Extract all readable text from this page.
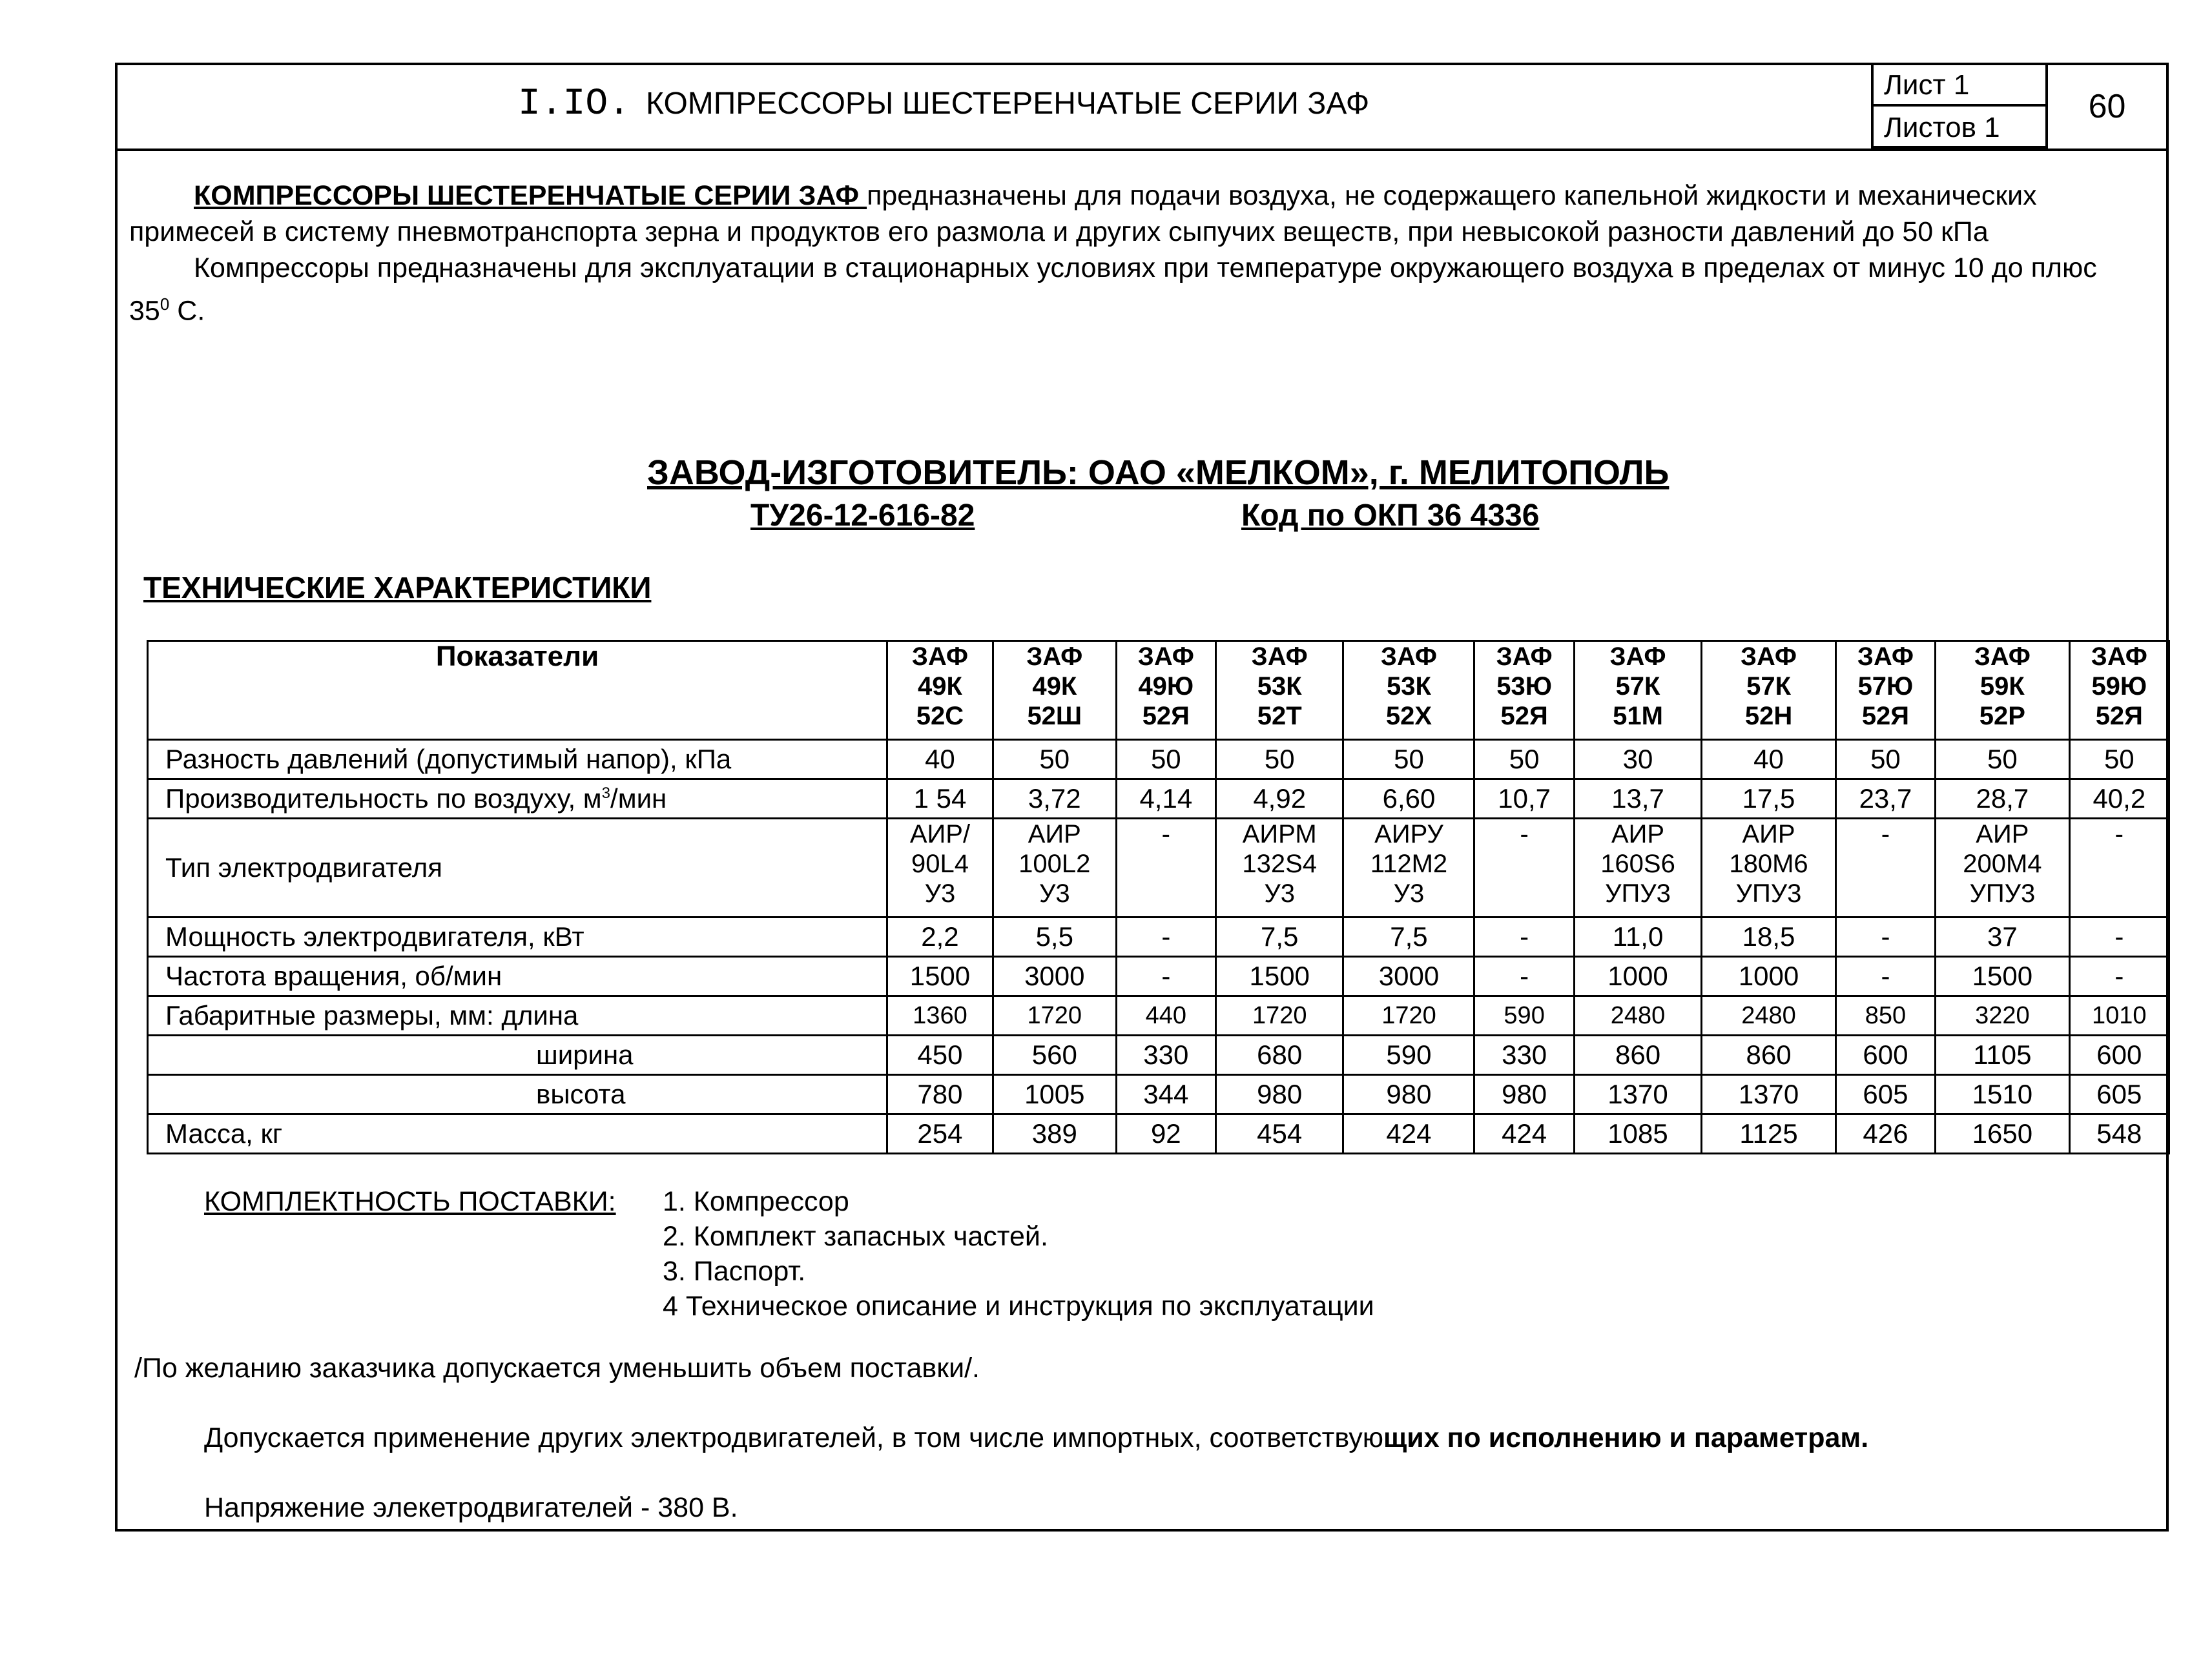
I.IO. КОМПРЕССОРЫ ШЕСТЕРЕНЧАТЫЕ СЕРИИ ЗАФ
Лист 1
Листов 1
60

КОМПРЕССОРЫ ШЕСТЕРЕНЧАТЫЕ СЕРИИ ЗАФ предназначены для подачи воздуха, не содержащего капельной жидкости и механических примесей в систему пневмотранспорта зерна и продуктов его размола и других сыпучих веществ, при невысокой разности давлений до 50 кПа

Компрессоры предназначены для эксплуатации в стационарных условиях при температуре окружающего воздуха в пределах от минус 10 до плюс $35^0$ С.

ЗАВОД-ИЗГОТОВИТЕЛЬ: ОАО «МЕЛКОМ», г. МЕЛИТОПОЛЬ
ТУ26-12-616-82	Код по ОКП 36 4336
ТЕХНИЧЕСКИЕ ХАРАКТЕРИСТИКИ
Показатели	ЗАФ
49К
52С	ЗАФ
49К
52Ш	ЗАФ
49Ю
52Я	ЗАФ
53К
52Т	ЗАФ
53К
52Х	ЗАФ
53Ю
52Я	ЗАФ
57К
51М	ЗАФ
57К
52Н	ЗАФ
57Ю
52Я	ЗАФ
59К
52Р	ЗАФ
59Ю
52Я
Разность давлений (допустимый напор), кПа	40	50	50	50	50	50	30	40	50	50	50
Производительность по воздуху, $м^3$/мин	1 54	3,72	4,14	4,92	6,60	10,7	13,7	17,5	23,7	28,7	40,2
Тип электродвигателя	АИР/
90L4
У3	АИР
100L2
У3	-	АИРМ
132S4
У3	АИРУ
112М2
У3	-	АИР
160S6
УПУ3	АИР
180М6
УПУ3	-	АИР
200М4
УПУ3	-
Мощность электродвигателя, кВт	2,2	5,5	-	7,5	7,5	-	11,0	18,5	-	37	-
Частота вращения, об/мин	1500	3000	-	1500	3000	-	1000	1000	-	1500	-
Габаритные размеры, мм: длина	1360	1720	440	1720	1720	590	2480	2480	850	3220	1010
ширина	450	560	330	680	590	330	860	860	600	1105	600
высота	780	1005	344	980	980	980	1370	1370	605	1510	605
Масса, кг	254	389	92	454	424	424	1085	1125	426	1650	548
КОМПЛЕКТНОСТЬ ПОСТАВКИ: 1. Компрессор
2. Комплект запасных частей.
3. Паспорт.
4 Техническое описание и инструкция по эксплуатации
/По желанию заказчика допускается уменьшить объем поставки/.
Допускается применение других электродвигателей, в том числе импортных, соответствующих по исполнению и параметрам.
Напряжение элекетродвигателей - 380 В.
